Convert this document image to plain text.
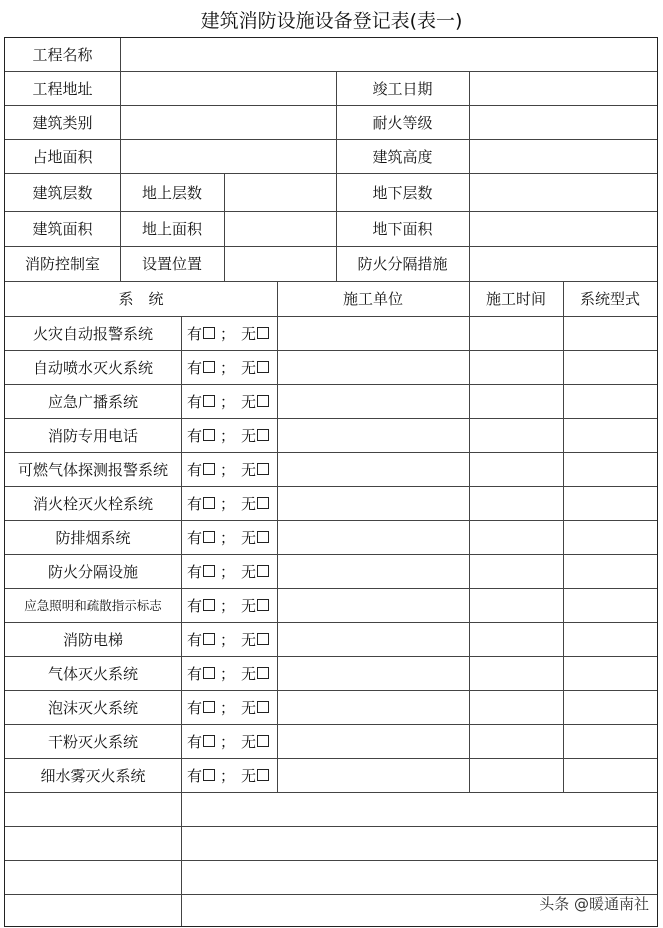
建筑消防设施设备登记表(表一)
头条 @暖通南社
工程名称
工程地址	竣工日期
建筑类别	耐火等级
占地面积	建筑高度
建筑层数	地上层数	地下层数
建筑面积	地上面积	地下面积
消防控制室	设置位置	防火分隔措施
系　统	施工单位	施工时间	系统型式
火灾自动报警系统	有 ； 无
自动喷水灭火系统	有 ； 无
应急广播系统	有 ； 无
消防专用电话	有 ； 无
可燃气体探测报警系统	有 ； 无
消火栓灭火栓系统	有 ； 无
防排烟系统	有 ； 无
防火分隔设施	有 ； 无
应急照明和疏散指示标志	有 ； 无
消防电梯	有 ； 无
气体灭火系统	有 ； 无
泡沫灭火系统	有 ； 无
干粉灭火系统	有 ； 无
细水雾灭火系统	有 ； 无
